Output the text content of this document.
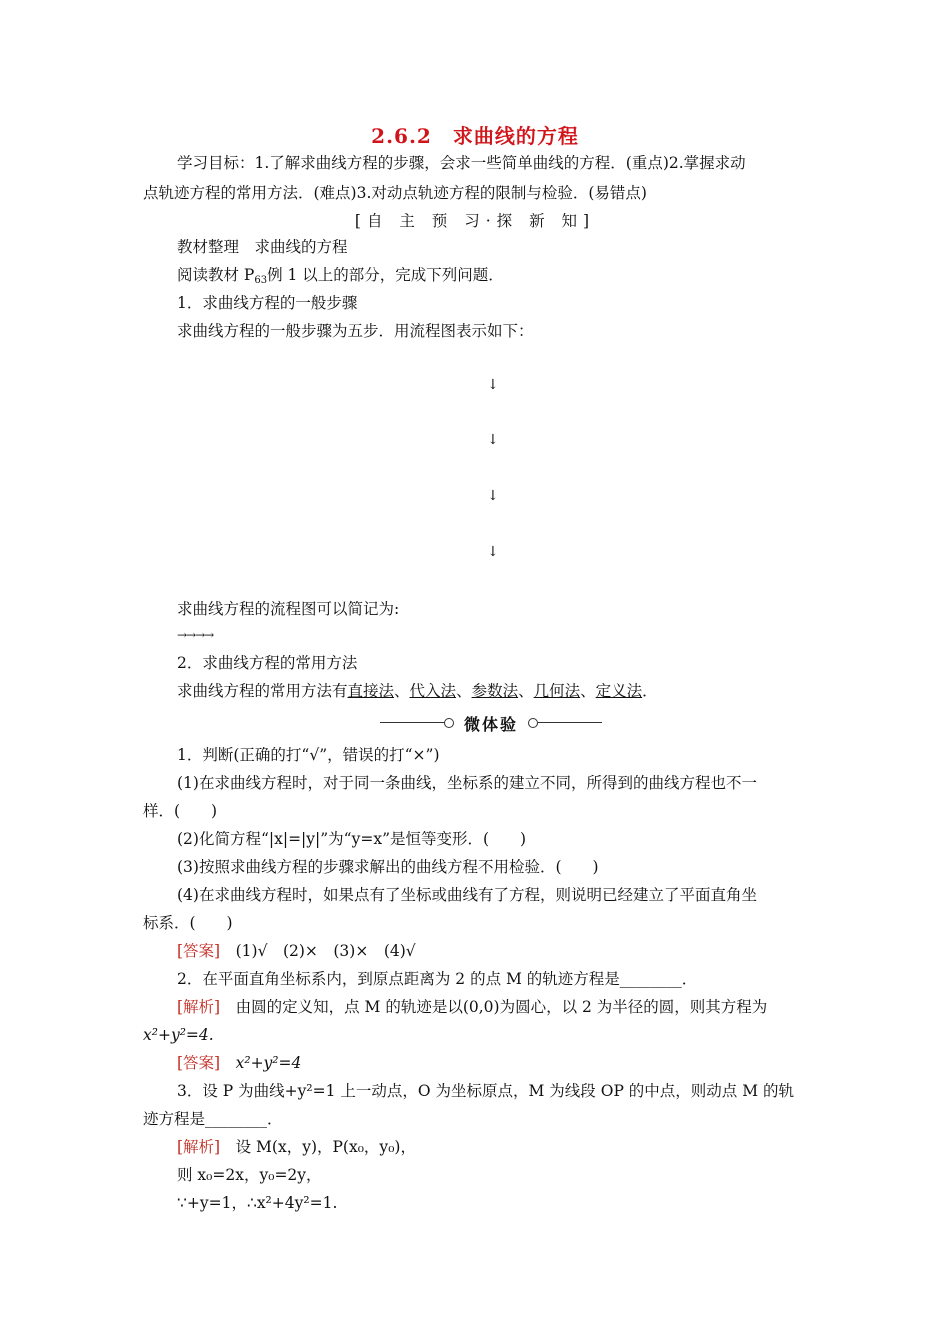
2.6.2　求曲线的方程
学习目标：1.了解求曲线方程的步骤，会求一些简单曲线的方程．(重点)2.掌握求动
点轨迹方程的常用方法．(难点)3.对动点轨迹方程的限制与检验．(易错点)
[自 主 预 习·探 新 知]
教材整理　求曲线的方程
阅读教材 $P_{63}$例 1 以上的部分，完成下列问题．
1．求曲线方程的一般步骤
求曲线方程的一般步骤为五步．用流程图表示如下：
↓
↓
↓
↓
求曲线方程的流程图可以简记为:
→→→→
2．求曲线方程的常用方法
求曲线方程的常用方法有直接法、代入法、参数法、几何法、定义法．
微体验
1．判断(正确的打“√”，错误的打“×”)
(1)在求曲线方程时，对于同一条曲线，坐标系的建立不同，所得到的曲线方程也不一
样．(　　)
(2)化简方程“|x|=|y|”为“y=x”是恒等变形．(　　)
(3)按照求曲线方程的步骤求解出的曲线方程不用检验．(　　)
(4)在求曲线方程时，如果点有了坐标或曲线有了方程，则说明已经建立了平面直角坐
标系．(　　)
[答案]　(1)√　(2)×　(3)×　(4)√
2．在平面直角坐标系内，到原点距离为 2 的点 M 的轨迹方程是________．
[解析]　由圆的定义知，点 M 的轨迹是以(0,0)为圆心，以 2 为半径的圆，则其方程为
x²+y²=4.
[答案]　x²+y²=4
3．设 P 为曲线+y²=1 上一动点，O 为坐标原点，M 为线段 OP 的中点，则动点 M 的轨
迹方程是________．
[解析]　设 M(x，y)，P(x₀，y₀)，
则 x₀=2x，y₀=2y，
∵+y=1，∴x²+4y²=1.
